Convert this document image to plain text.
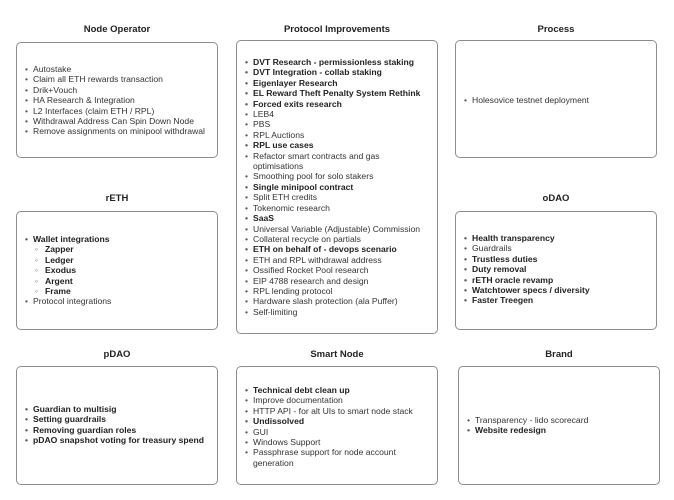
Node Operator
• Autostake
• Claim all ETH rewards transaction
• Drik+Vouch
• HA Research & Integration
• L2 Interfaces (claim ETH / RPL)
• Withdrawal Address Can Spin Down Node
• Remove assignments on minipool withdrawal
rETH
• Wallet integrations
◦ Zapper
◦ Ledger
◦ Exodus
◦ Argent
◦ Frame
• Protocol integrations
pDAO
• Guardian to multisig
• Setting guardrails
• Removing guardian roles
• pDAO snapshot voting for treasury spend
Protocol Improvements
• DVT Research - permissionless staking
• DVT Integration - collab staking
• Eigenlayer Research
• EL Reward Theft Penalty System Rethink
• Forced exits research
• LEB4
• PBS
• RPL Auctions
• RPL use cases
• Refactor smart contracts and gas optimisations
• Smoothing pool for solo stakers
• Single minipool contract
• Split ETH credits
• Tokenomic research
• SaaS
• Universal Variable (Adjustable) Commission
• Collateral recycle on partials
• ETH on behalf of - devops scenario
• ETH and RPL withdrawal address
• Ossified Rocket Pool research
• EIP 4788 research and design
• RPL lending protocol
• Hardware slash protection (ala Puffer)
• Self-limiting
Smart Node
• Technical debt clean up
• Improve documentation
• HTTP API - for alt UIs to smart node stack
• Undissolved
• GUI
• Windows Support
• Passphrase support for node account generation
Process
• Holesovice testnet deployment
oDAO
• Health transparency
• Guardrails
• Trustless duties
• Duty removal
• rETH oracle revamp
• Watchtower specs / diversity
• Faster Treegen
Brand
• Transparency - lido scorecard
• Website redesign
